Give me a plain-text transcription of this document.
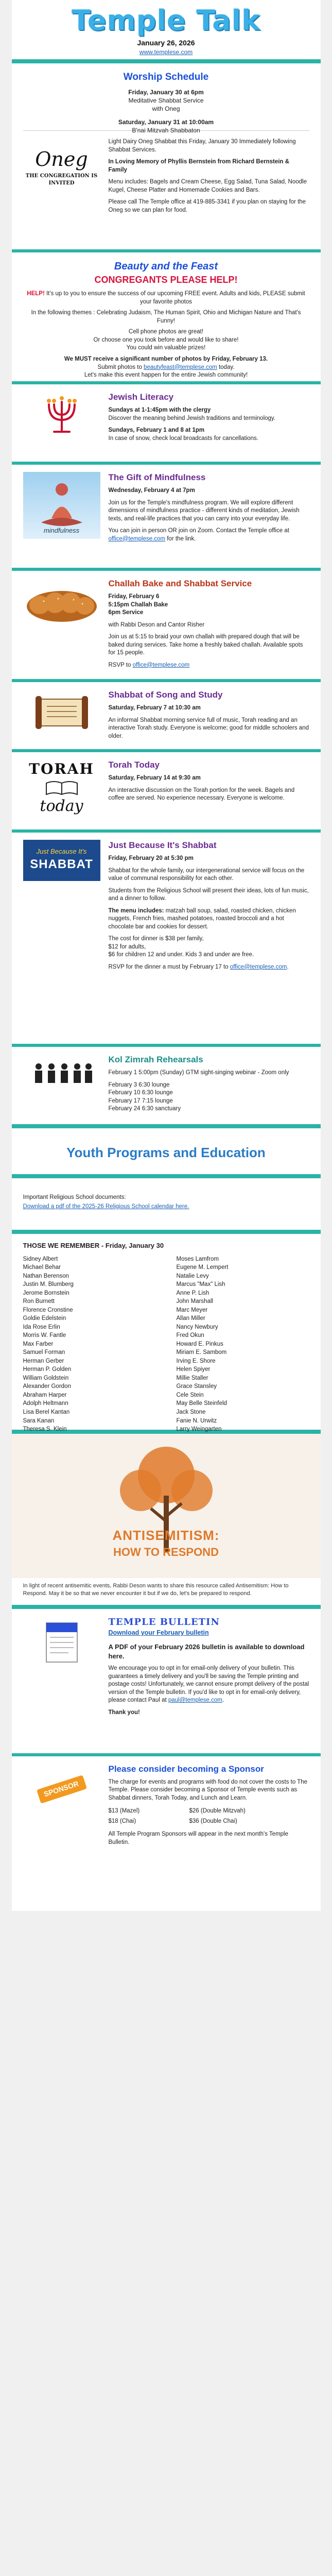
Temple Talk
January 26, 2026
www.templese.com
Worship Schedule
Friday, January 30 at 6pm
Meditative Shabbat Service
with Oneg
Saturday, January 31 at 10:00am
B'nai Mitzvah Shabbaton
Oneg
THE CONGREGATION IS INVITED

Light Dairy Oneg Shabbat this Friday, January 30 Immediately following Shabbat Services.

In Loving Memory of Phyllis Bernstein from Richard Bernstein & Family

Menu includes: Bagels and Cream Cheese, Egg Salad, Tuna Salad, Noodle Kugel, Cheese Platter and Homemade Cookies and Bars.

Please call The Temple office at 419-885-3341 if you plan on staying for the Oneg so we can plan for food.

Beauty and the Feast
CONGREGANTS PLEASE HELP!

HELP! It's up to you to ensure the success of our upcoming FREE event. Adults and kids, PLEASE submit your favorite photos

In the following themes : Celebrating Judaism, The Human Spirit, Ohio and Michigan Nature and That's Funny!

Cell phone photos are great!

Or choose one you took before and would like to share!

You could win valuable prizes!

We MUST receive a significant number of photos by Friday, February 13.

Submit photos to beautyfeast@templese.com today.

Let's make this event happen for the entire Jewish community!

Jewish Literacy

Sundays at 1-1:45pm with the clergy

Discover the meaning behind Jewish traditions and terminology.

Sundays, February 1 and 8 at 1pm

In case of snow, check local broadcasts for cancellations.

mindfulness
The Gift of Mindfulness

Wednesday, February 4 at 7pm

Join us for the Temple's mindfulness program. We will explore different dimensions of mindfulness practice - different kinds of meditation, Jewish texts, and real-life practices that you can carry into your everyday life.

You can join in person OR join on Zoom. Contact the Temple office at office@templese.com for the link.

Challah Bake and Shabbat Service

Friday, February 6

5:15pm Challah Bake

6pm Service

with Rabbi Deson and Cantor Risher

Join us at 5:15 to braid your own challah with prepared dough that will be baked during services. Take home a freshly baked challah. Available spots for 15 people.

RSVP to office@templese.com

Shabbat of Song and Study

Saturday, February 7 at 10:30 am

An informal Shabbat morning service full of music, Torah reading and an interactive Torah study. Everyone is welcome; good for middle schoolers and older.

TORAH
today
Torah Today

Saturday, February 14 at 9:30 am

An interactive discussion on the Torah portion for the week. Bagels and coffee are served. No experience necessary. Everyone is welcome.

Just Because It's
SHABBAT
Just Because It's Shabbat

Friday, February 20 at 5:30 pm

Shabbat for the whole family, our intergenerational service will focus on the value of communal responsibility for each other.

Students from the Religious School will present their ideas, lots of fun music, and a dinner to follow.

The menu includes: matzah ball soup, salad, roasted chicken, chicken nuggets, French fries, mashed potatoes, roasted broccoli and a hot chocolate bar and cookies for dessert.

The cost for dinner is $38 per family,

$12 for adults,

$6 for children 12 and under. Kids 3 and under are free.

RSVP for the dinner a must by February 17 to office@templese.com.

Kol Zimrah Rehearsals

February 1 5:00pm (Sunday) GTM sight-singing webinar - Zoom only

February 3 6:30 lounge

February 10 6:30 lounge

February 17 7:15 lounge

February 24 6:30 sanctuary

Youth Programs and Education

Important Religious School documents:

Download a pdf of the 2025-26 Religious School calendar here.
THOSE WE REMEMBER - Friday, January 30
Sidney Albert
Michael Behar
Nathan Berenson
Justin M. Blumberg
Jerome Bornstein
Ron Burnett
Florence Cronstine
Goldie Edelstein
Ida Rose Erlin
Morris W. Fantle
Max Farber
Samuel Forman
Herman Gerber
Herman P. Golden
William Goldstein
Alexander Gordon
Abraham Harper
Adolph Heltmann
Lisa Berel Kantan
Sara Kanan
Theresa S. Klein
Moses Lamfrom
Eugene M. Lempert
Natalie Levy
Marcus "Max" Lish
Anne P. Lish
John Marshall
Marc Meyer
Allan Miller
Nancy Newbury
Fred Okun
Howard E. Pinkus
Miriam E. Sambom
Irving E. Shore
Helen Spiyer
Millie Staller
Grace Stansley
Cele Stein
May Belle Steinfeld
Jack Stone
Fanie N. Urwitz
Larry Weingarten
ANTISEMITISM:
HOW TO RESPOND
In light of recent antisemitic events, Rabbi Deson wants to share this resource called Antisemitism: How to Respond. May it be so that we never encounter it but if we do, let's be prepared to respond.
TEMPLE BULLETIN
Download your February bulletin

A PDF of your February 2026 bulletin is available to download here.

We encourage you to opt in for email-only delivery of your bulletin. This guarantees a timely delivery and you'll be saving the Temple printing and postage costs! Unfortunately, we cannot ensure prompt delivery of the postal version of the Temple bulletin. If you'd like to opt in for email-only delivery, please contact Paul at paul@templese.com.

Thank you!

SPONSOR
Please consider becoming a Sponsor

The charge for events and programs with food do not cover the costs to The Temple. Please consider becoming a Sponsor of Temple events such as Shabbat dinners, Torah Today, and Lunch and Learn.

$13 (Mazel)	$26 (Double Mitzvah)
$18 (Chai)	$36 (Double Chai)

All Temple Program Sponsors will appear in the next month's Temple Bulletin.
